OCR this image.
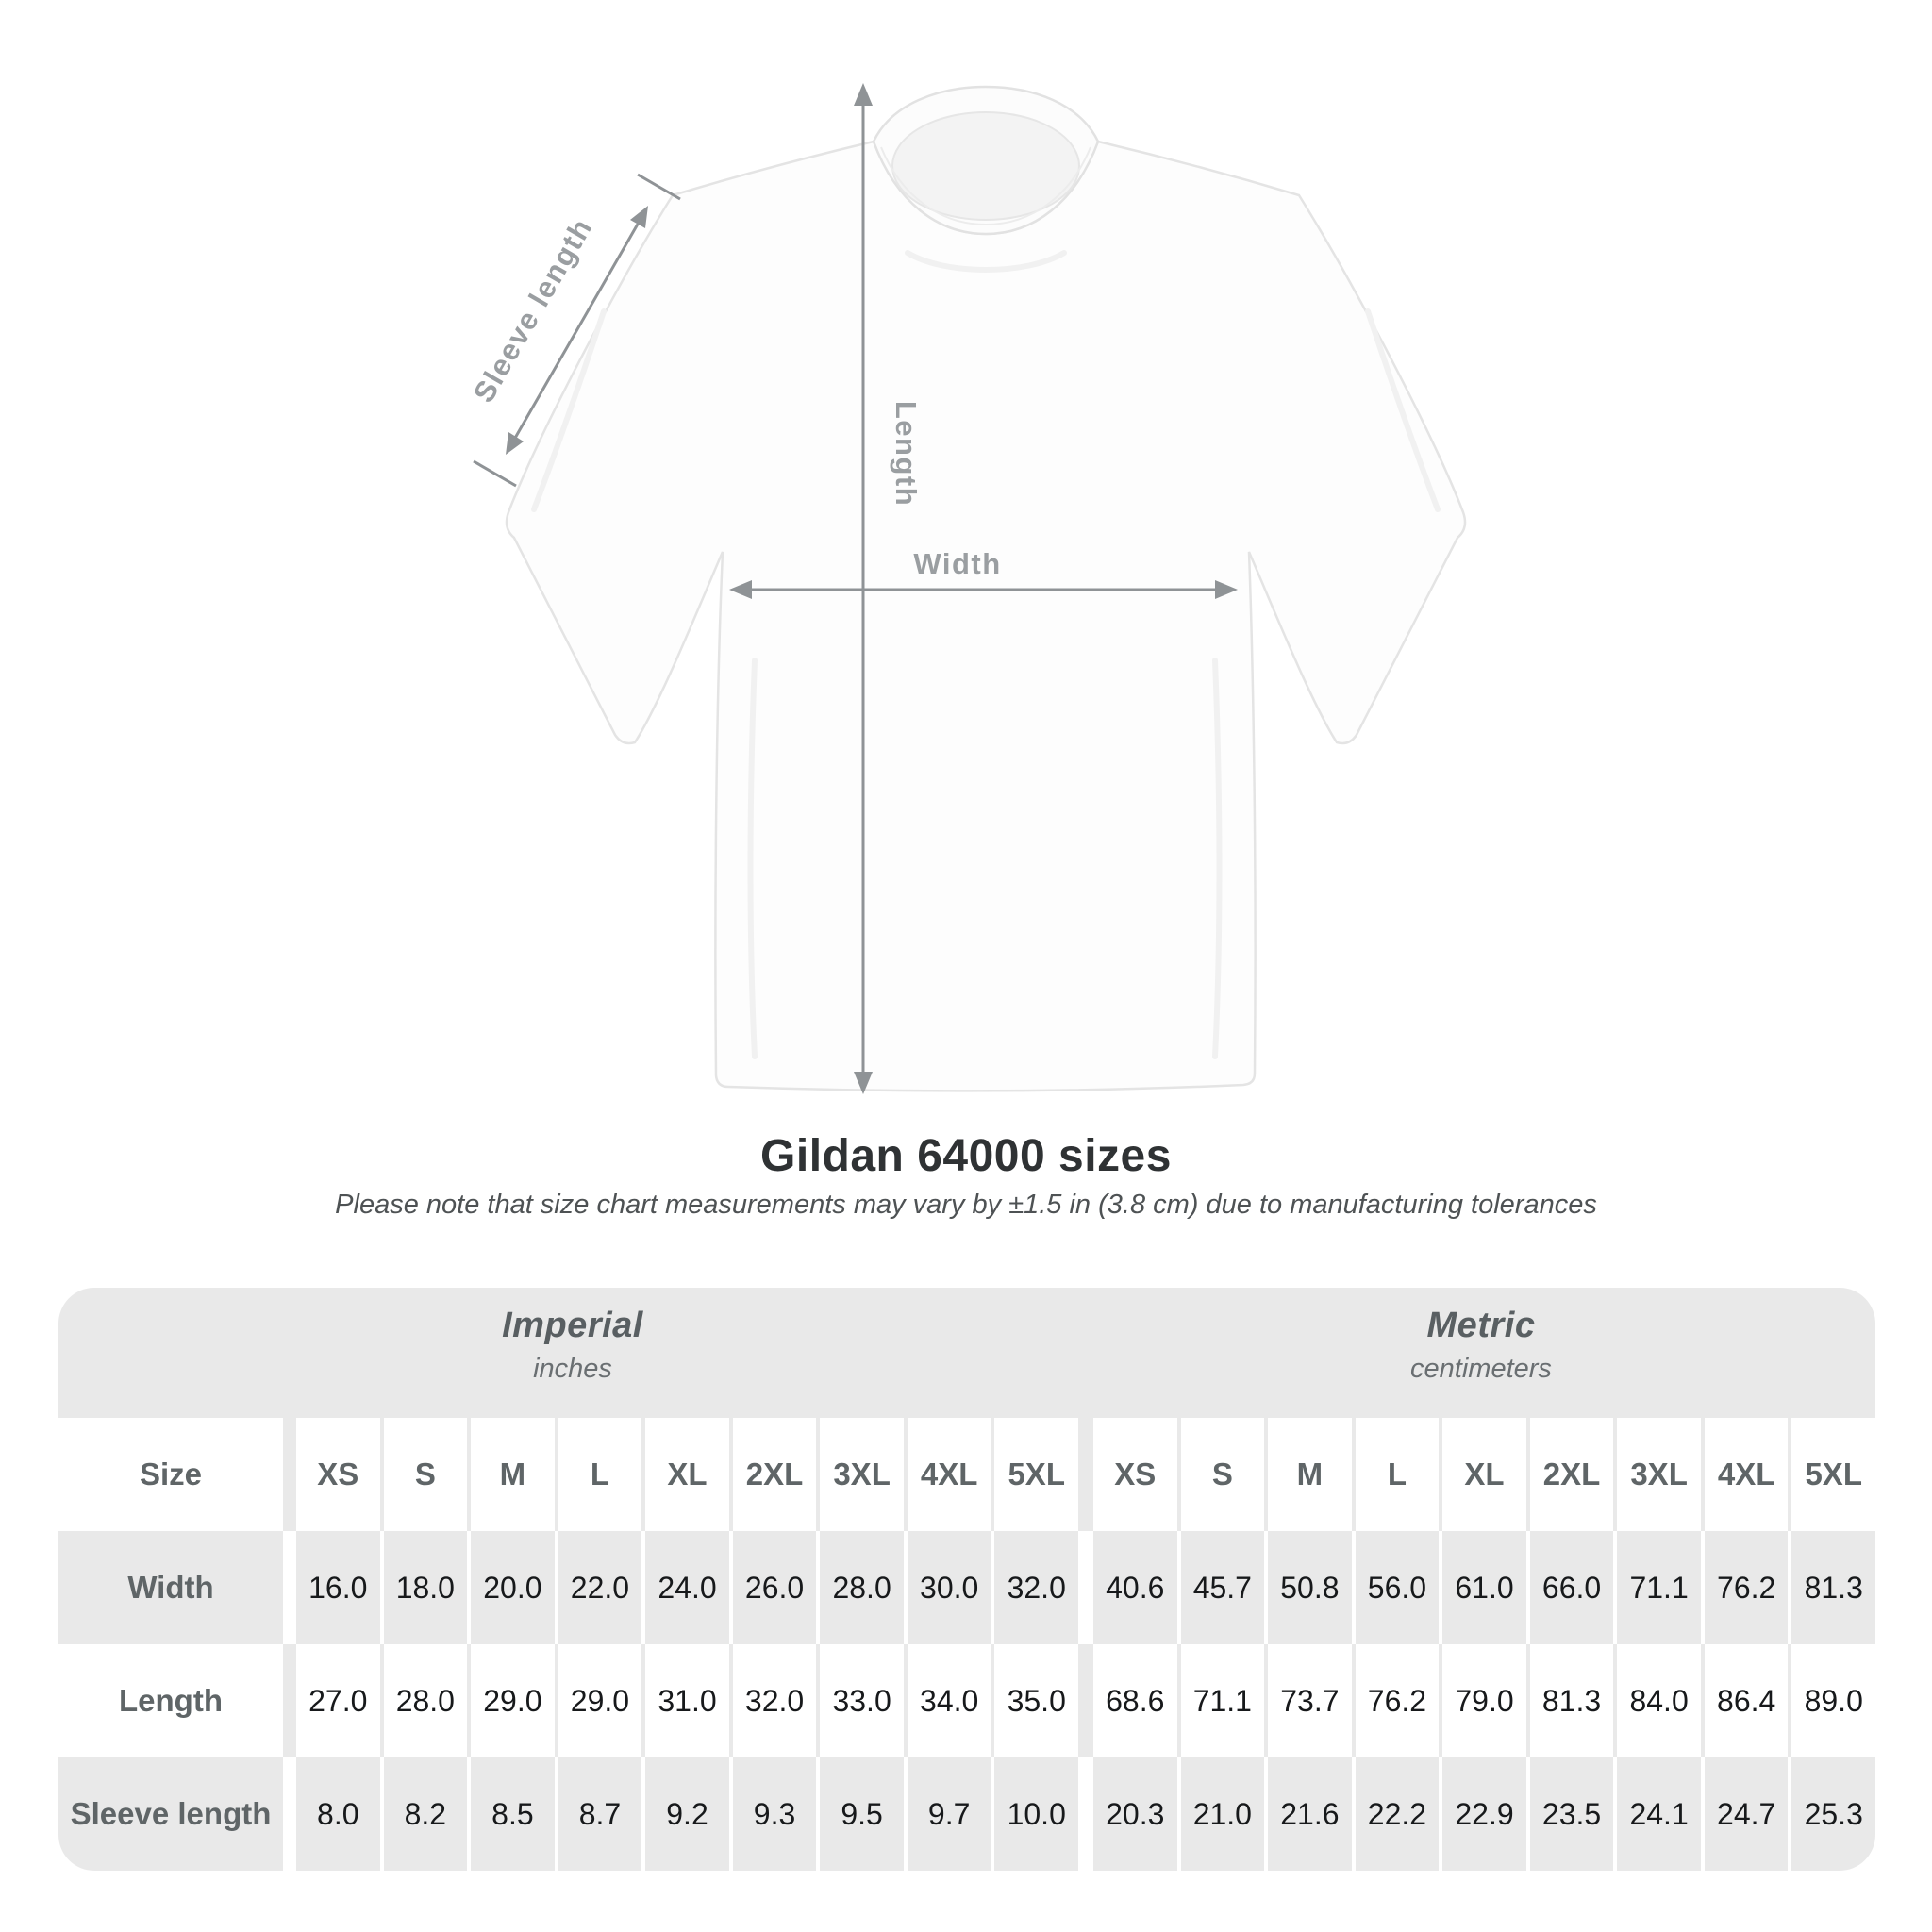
Sleeve length
Length
Width
Gildan 64000 sizes
Please note that size chart measurements may vary by ±1.5 in (3.8 cm) due to manufacturing tolerances
Imperial
inches
Metric
centimeters
Size	XS	S	M	L	XL	2XL 3XL 4XL 5XL	XS	S	M	L	XL	2XL 3XL 4XL 5XL
Width	16.0 18.0 20.0 22.0 24.0 26.0 28.0 30.0 32.0	40.6 45.7 50.8 56.0 61.0 66.0 71.1 76.2 81.3
Length	27.0 28.0 29.0 29.0 31.0 32.0 33.0 34.0 35.0	68.6 71.1 73.7 76.2 79.0 81.3 84.0 86.4 89.0
Sleeve length	8.0	8.2	8.5	8.7	9.2	9.3	9.5	9.7	10.0	20.3 21.0 21.6 22.2 22.9 23.5 24.1 24.7 25.3
